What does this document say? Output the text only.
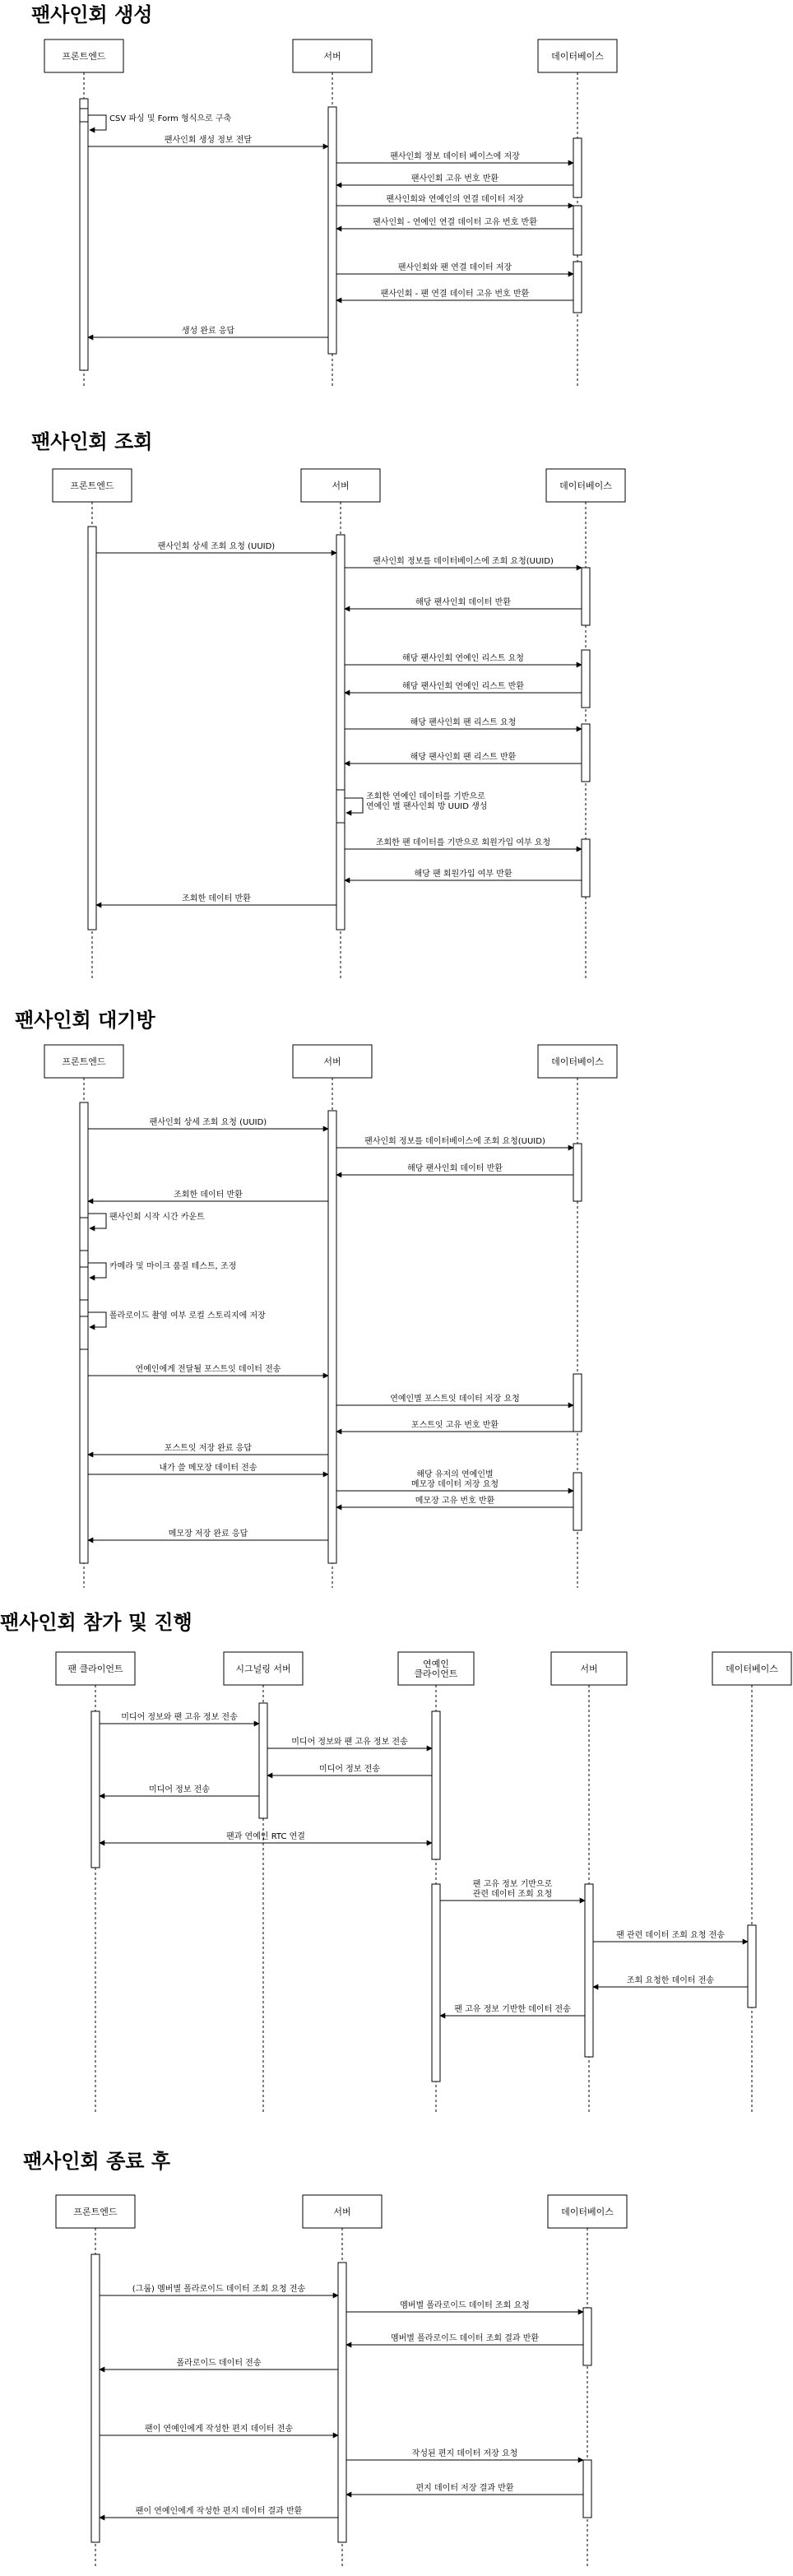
팬사인회 생성
프론트엔드	서버	데이터베이스
CSV 파싱 및 Form 형식으로 구축
팬사인회 생성 정보 전달
팬사인회 정보 데이터 베이스에 저장
팬사인회 고유 번호 반환
팬사인회와 연예인의 연결 데이터 저장
팬사인회 - 연예인 연결 데이터 고유 번호 반환
팬사인회와 팬 연결 데이터 저장
팬사인회 - 팬 연결 데이터 고유 번호 반환
생성 완료 응답
팬사인회 조회
프론트엔드	서버	데이터베이스
팬사인회 상세 조회 요청 (UUID)
팬사인회 정보를 데이터베이스에 조회 요청(UUID)
해당 팬사인회 데이터 반환
해당 팬사인회 연예인 리스트 요청
해당 팬사인회 연예인 리스트 반환
해당 팬사인회 팬 리스트 요청
해당 팬사인회 팬 리스트 반환
조회한 연예인 데이터를 기반으로
연예인 별 팬사인회 방 UUID 생성
조회한 팬 데이터를 기반으로 회원가입 여부 요청
해당 팬 회원가입 여부 반환
조회한 데이터 반환
팬사인회 대기방
프론트엔드	서버	데이터베이스
팬사인회 상세 조회 요청 (UUID)
팬사인회 정보를 데이터베이스에 조회 요청(UUID)
해당 팬사인회 데이터 반환
조회한 데이터 반환
팬사인회 시작 시간 카운트
카메라 및 마이크 품질 테스트, 조정
폴라로이드 촬영 여부 로컬 스토리지에 저장
연예인에게 전달될 포스트잇 데이터 전송
연예인별 포스트잇 데이터 저장 요청
포스트잇 고유 번호 반환
포스트잇 저장 완료 응답
내가 쓸 메모장 데이터 전송
해당 유저의 연예인별
메모장 데이터 저장 요청
메모장 고유 번호 반환
메모장 저장 완료 응답
팬사인회 참가 및 진행
팬 클라이언트	시그널링 서버	연예인
클라이언트	서버	데이터베이스
미디어 정보와 팬 고유 정보 전송
미디어 정보와 팬 고유 정보 전송
미디어 정보 전송
미디어 정보 전송
팬과 연예인 RTC 연결
팬 고유 정보 기반으로
관련 데이터 조회 요청
팬 관련 데이터 조회 요청 전송
조회 요청한 데이터 전송
팬 고유 정보 기반한 데이터 전송
팬사인회 종료 후
프론트엔드	서버	데이터베이스
(그룹) 멤버별 폴라로이드 데이터 조회 요청 전송
멤버별 폴라로이드 데이터 조회 요청
멤버별 폴라로이드 데이터 조회 결과 반환
폴라로이드 데이터 전송
팬이 연예인에게 작성한 편지 데이터 전송
작성된 편지 데이터 저장 요청
편지 데이터 저장 결과 반환
팬이 연예인에게 작성한 편지 데이터 결과 반환
